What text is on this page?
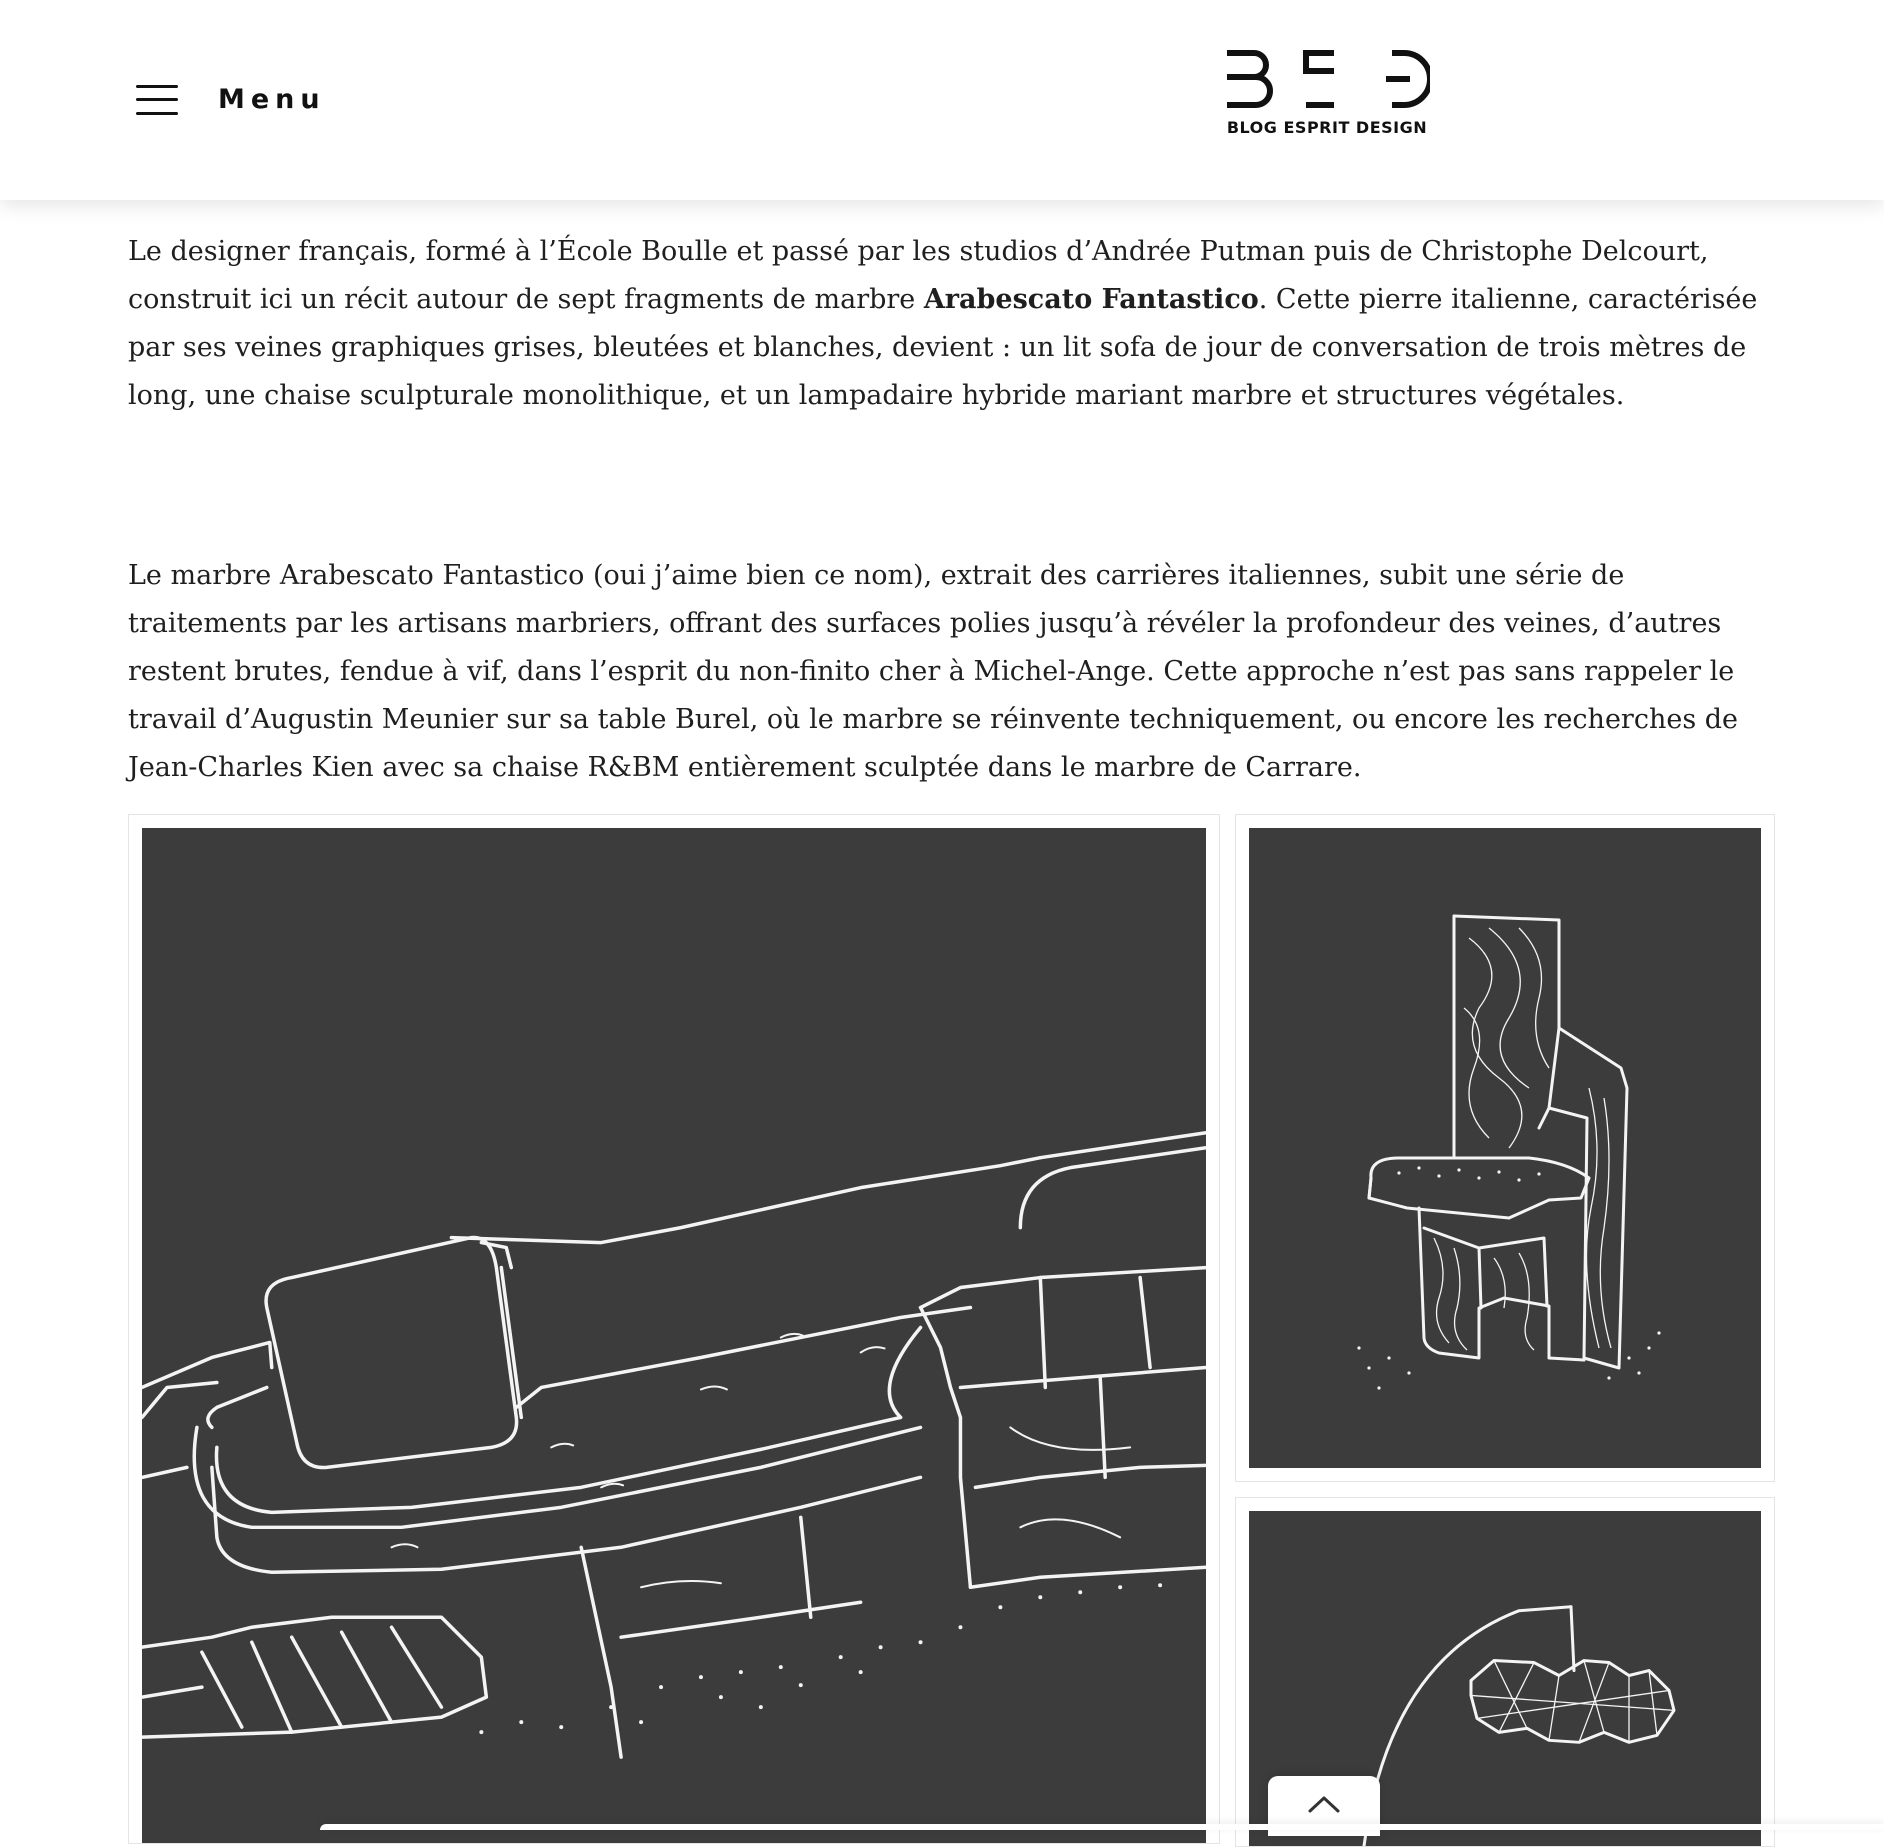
Menu
BLOG ESPRIT DESIGN

Le designer français, formé à l’École Boulle et passé par les studios d’Andrée Putman puis de Christophe Delcourt, construit ici un récit autour de sept fragments de marbre Arabescato Fantastico. Cette pierre italienne, caractérisée par ses veines graphiques grises, bleutées et blanches, devient : un lit sofa de jour de conversation de trois mètres de long, une chaise sculpturale monolithique, et un lampadaire hybride mariant marbre et structures végétales.

Le marbre Arabescato Fantastico (oui j’aime bien ce nom), extrait des carrières italiennes, subit une série de traitements par les artisans marbriers, offrant des surfaces polies jusqu’à révéler la profondeur des veines, d’autres restent brutes, fendue à vif, dans l’esprit du non-finito cher à Michel-Ange. Cette approche n’est pas sans rappeler le travail d’Augustin Meunier sur sa table Burel, où le marbre se réinvente techniquement, ou encore les recherches de Jean-Charles Kien avec sa chaise R&BM entièrement sculptée dans le marbre de Carrare.
